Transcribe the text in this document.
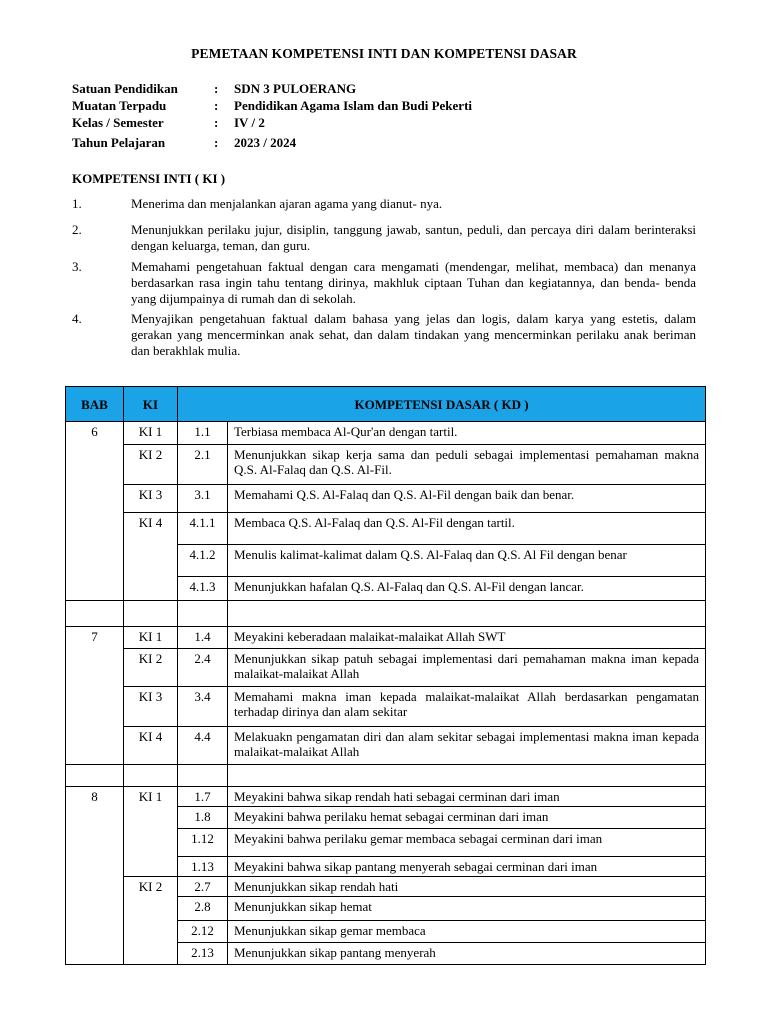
PEMETAAN KOMPETENSI INTI DAN KOMPETENSI DASAR
Satuan Pendidikan	: SDN 3 PULOERANG
Muatan Terpadu	: Pendidikan Agama Islam dan Budi Pekerti
Kelas / Semester	: IV / 2
Tahun Pelajaran	: 2023 / 2024
KOMPETENSI INTI ( KI )
1.	Menerima dan menjalankan ajaran agama yang dianut- nya.
2.	Menunjukkan perilaku jujur, disiplin, tanggung jawab, santun, peduli, dan percaya diri dalam berinteraksi dengan keluarga, teman, dan guru.
3.	Memahami pengetahuan faktual dengan cara mengamati (mendengar, melihat, membaca) dan menanya berdasarkan rasa ingin tahu tentang dirinya, makhluk ciptaan Tuhan dan kegiatannya, dan benda- benda yang dijumpainya di rumah dan di sekolah.
4.	Menyajikan pengetahuan faktual dalam bahasa yang jelas dan logis, dalam karya yang estetis, dalam gerakan yang mencerminkan anak sehat, dan dalam tindakan yang mencerminkan perilaku anak beriman dan berakhlak mulia.
BAB	KI	KOMPETENSI DASAR ( KD )	
6	KI 1	1.1	Terbiasa membaca Al-Qur'an dengan tartil.
	KI 2	2.1	Menunjukkan sikap kerja sama dan peduli sebagai implementasi pemahaman makna Q.S. Al-Falaq dan Q.S. Al-Fil.
	KI 3	3.1	Memahami Q.S. Al-Falaq dan Q.S. Al-Fil dengan baik dan benar.
	KI 4	4.1.1	Membaca Q.S. Al-Falaq dan Q.S. Al-Fil dengan tartil.
		4.1.2	Menulis kalimat-kalimat dalam Q.S. Al-Falaq dan Q.S. Al Fil dengan benar
		4.1.3	Menunjukkan hafalan Q.S. Al-Falaq dan Q.S. Al-Fil dengan lancar.

7	KI 1	1.4	Meyakini keberadaan malaikat-malaikat Allah SWT
	KI 2	2.4	Menunjukkan sikap patuh sebagai implementasi dari pemahaman makna iman kepada malaikat-malaikat Allah
	KI 3	3.4	Memahami makna iman kepada malaikat-malaikat Allah berdasarkan pengamatan terhadap dirinya dan alam sekitar
	KI 4	4.4	Melakuakn pengamatan diri dan alam sekitar sebagai implementasi makna iman kepada malaikat-malaikat Allah

8	KI 1	1.7	Meyakini bahwa sikap rendah hati sebagai cerminan dari iman
		1.8	Meyakini bahwa perilaku hemat sebagai cerminan dari iman
		1.12	Meyakini bahwa perilaku gemar membaca sebagai cerminan dari iman
		1.13	Meyakini bahwa sikap pantang menyerah sebagai cerminan dari iman
	KI 2	2.7	Menunjukkan sikap rendah hati
		2.8	Menunjukkan sikap hemat
		2.12	Menunjukkan sikap gemar membaca
		2.13	Menunjukkan sikap pantang menyerah
